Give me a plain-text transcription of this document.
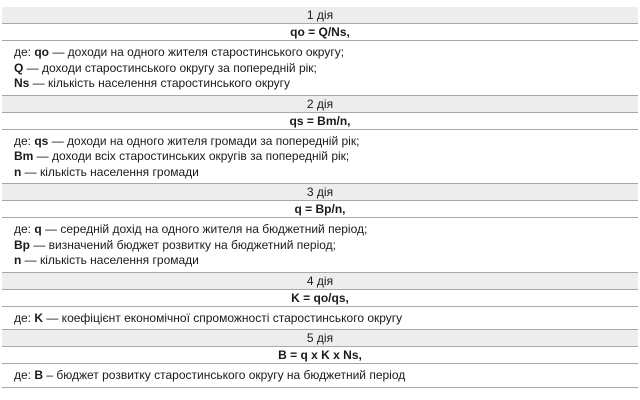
1 дія
qo = Q/Ns,
де: qo — доходи на одного жителя старостинського округу;
Q — доходи старостинського округу за попередній рік;
Ns — кількість населення старостинського округу
2 дія
qs = Bm/n,
де: qs — доходи на одного жителя громади за попередній рік;
Bm — доходи всіх старостинських округів за попередній рік;
n — кількість населення громади
3 дія
q = Bp/n,
де: q — середній дохід на одного жителя на бюджетний період;
Bp — визначений бюджет розвитку на бюджетний період;
n — кількість населення громади
4 дія
K = qo/qs,
де: K — коефіцієнт економічної спроможності старостинського округу
5 дія
B = q x K x Ns,
де: B – бюджет розвитку старостинського округу на бюджетний період
